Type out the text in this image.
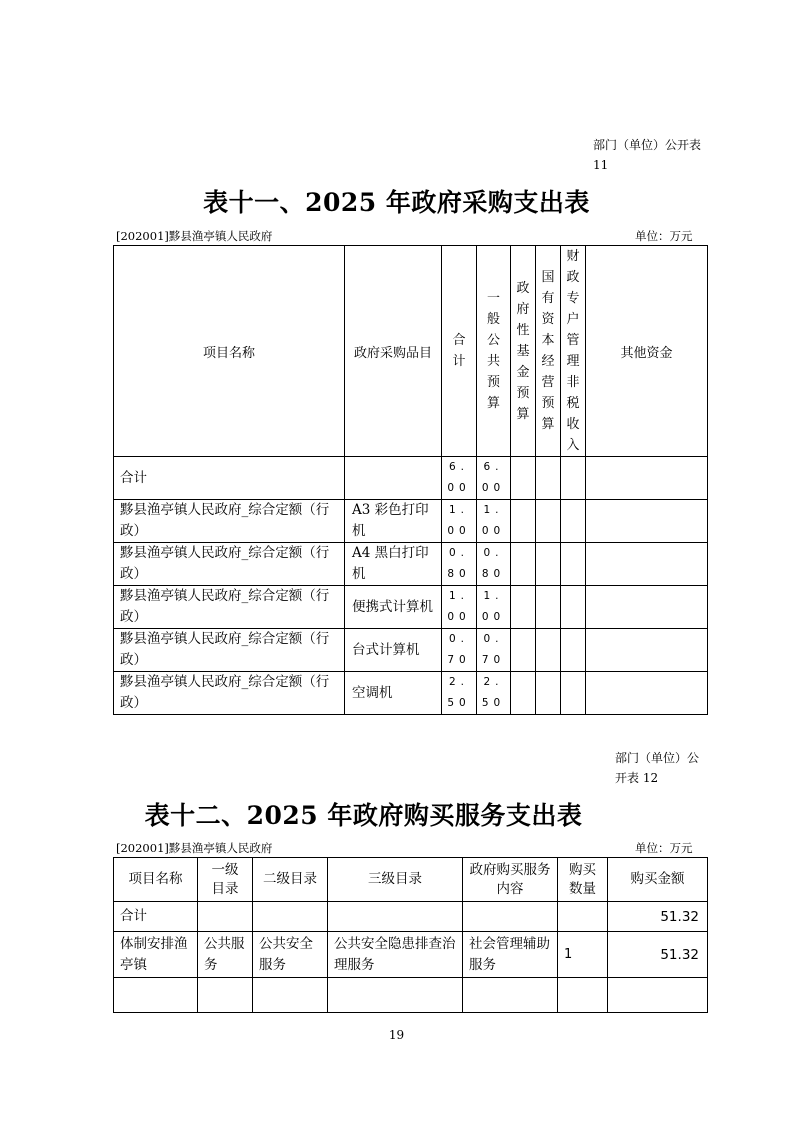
部门（单位）公开表
11
表十一、2025 年政府采购支出表
[202001]黟县渔亭镇人民政府	单位：万元
项目名称	政府采购品目	合计	一般公共预算	政府性基金预算	国有资本经营预算	财政专户管理非税收入	其他资金
合计		6.00	6.00				

黟县渔亭镇人民政府_综合定额（行政）	A3 彩色打印机	1.00	1.00				

黟县渔亭镇人民政府_综合定额（行政）	A4 黑白打印机	0.80	0.80				

黟县渔亭镇人民政府_综合定额（行政）	便携式计算机	1.00	1.00				

黟县渔亭镇人民政府_综合定额（行政）	台式计算机	0.70	0.70				

黟县渔亭镇人民政府_综合定额（行政）	空调机	2.50	2.50				

部门（单位）公
开表 12
表十二、2025 年政府购买服务支出表
[202001]黟县渔亭镇人民政府	单位：万元
项目名称	一级目录	二级目录	三级目录	政府购买服务内容	购买数量	购买金额
合计						51.32
体制安排渔亭镇	公共服务	公共安全服务	公共安全隐患排查治理服务	社会管理辅助服务	1	51.32

19
